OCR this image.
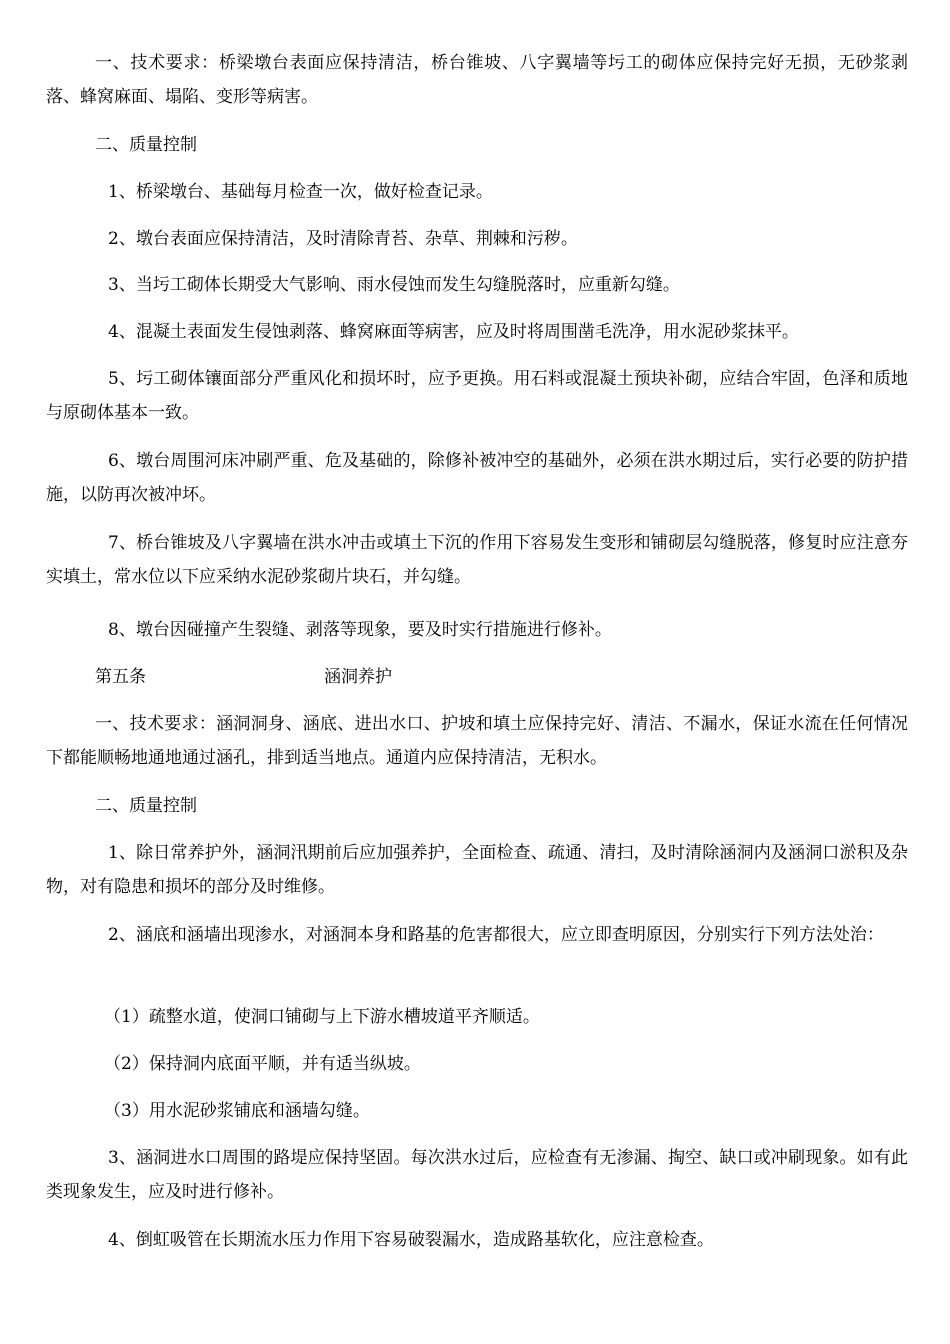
一、技术要求：桥梁墩台表面应保持清洁，桥台锥坡、八字翼墙等圬工的砌体应保持完好无损，无砂浆剥落、蜂窝麻面、塌陷、变形等病害。

二、质量控制

1、桥梁墩台、基础每月检查一次，做好检查记录。

2、墩台表面应保持清洁，及时清除青苔、杂草、荆棘和污秽。

3、当圬工砌体长期受大气影响、雨水侵蚀而发生勾缝脱落时，应重新勾缝。

4、混凝土表面发生侵蚀剥落、蜂窝麻面等病害，应及时将周围凿毛洗净，用水泥砂浆抹平。

5、圬工砌体镶面部分严重风化和损坏时，应予更换。用石料或混凝土预块补砌，应结合牢固，色泽和质地与原砌体基本一致。

6、墩台周围河床冲刷严重、危及基础的，除修补被冲空的基础外，必须在洪水期过后，实行必要的防护措施，以防再次被冲坏。

7、桥台锥坡及八字翼墙在洪水冲击或填土下沉的作用下容易发生变形和铺砌层勾缝脱落，修复时应注意夯实填土，常水位以下应采纳水泥砂浆砌片块石，并勾缝。

8、墩台因碰撞产生裂缝、剥落等现象，要及时实行措施进行修补。

第五条	涵洞养护

一、技术要求：涵洞洞身、涵底、进出水口、护坡和填土应保持完好、清洁、不漏水，保证水流在任何情况下都能顺畅地通地通过涵孔，排到适当地点。通道内应保持清洁，无积水。

二、质量控制

1、除日常养护外，涵洞汛期前后应加强养护，全面检查、疏通、清扫，及时清除涵洞内及涵洞口淤积及杂物，对有隐患和损坏的部分及时维修。

2、涵底和涵墙出现渗水，对涵洞本身和路基的危害都很大，应立即查明原因，分别实行下列方法处治：

（1）疏整水道，使洞口铺砌与上下游水槽坡道平齐顺适。

（2）保持洞内底面平顺，并有适当纵坡。

（3）用水泥砂浆铺底和涵墙勾缝。

3、涵洞进水口周围的路堤应保持坚固。每次洪水过后，应检查有无渗漏、掏空、缺口或冲刷现象。如有此类现象发生，应及时进行修补。

4、倒虹吸管在长期流水压力作用下容易破裂漏水，造成路基软化，应注意检查。
